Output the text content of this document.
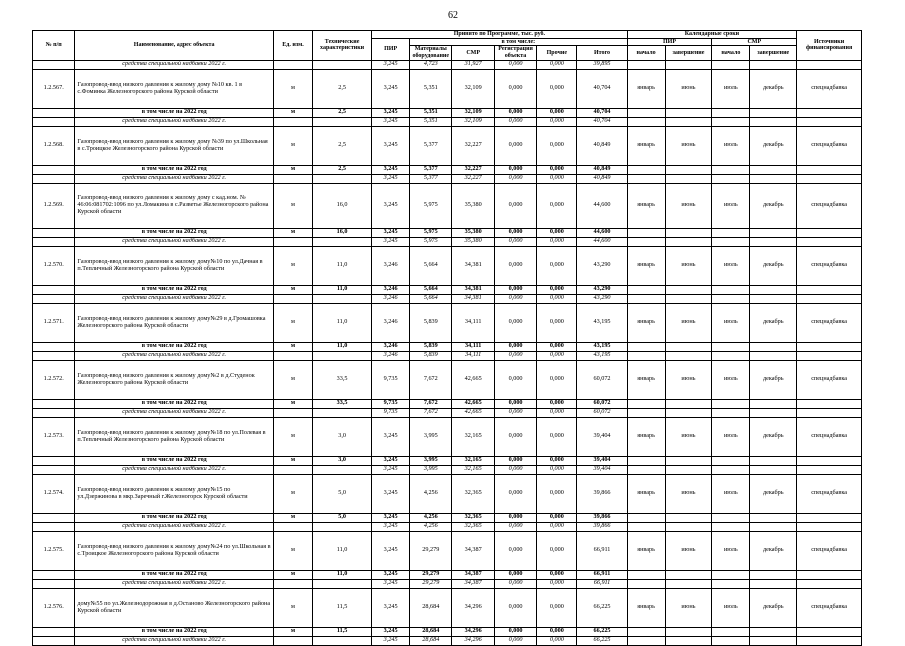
62
№ п/п	Наименование, адрес объекта	Ед. изм.	Технические характеристики	Принято по Программе, тыс. руб.						Календарные сроки				Источники финансирования
				ПИР	в том числе:					ПИР		СМР		
					Материалы оборудование	СМР	Регистрация объекта	Прочие	Итого	начало	завершение	начало	завершение	

	средства специальной надбавки 2022 г.			3,245	4,723	31,927	0,000	0,000	39,895					
1.2.567.	Газопровод-ввод низкого давления к жилому дому №10 кв. 1 в с.Фоминка Железногорского района Курской области	м	2,5	3,245	5,351	32,109	0,000	0,000	40,704	январь	июнь	июль	декабрь	спецнадбавка
	в том числе на 2022 год	м	2,5	3,245	5,351	32,109	0,000	0,000	40,704					
	средства специальной надбавки 2022 г.			3,245	5,351	32,109	0,000	0,000	40,704					
1.2.568.	Газопровод-ввод низкого давления к жилому дому №39 по ул.Школьная в с.Троицкое Железногорского района Курской области	м	2,5	3,245	5,377	32,227	0,000	0,000	40,849	январь	июнь	июль	декабрь	спецнадбавка
	в том числе на 2022 год	м	2,5	3,245	5,377	32,227	0,000	0,000	40,849					
	средства специальной надбавки 2022 г.			3,245	5,377	32,227	0,000	0,000	40,849					
1.2.569.	Газопровод-ввод низкого давления к жилому дому с кад.ном. № 46:06:081702:1096 по ул.Ломакина в с.Разветье Железногорского района Курской области	м	16,0	3,245	5,975	35,380	0,000	0,000	44,600	январь	июнь	июль	декабрь	спецнадбавка
	в том числе на 2022 год	м	16,0	3,245	5,975	35,380	0,000	0,000	44,600					
	средства специальной надбавки 2022 г.			3,245	5,975	35,380	0,000	0,000	44,600					
1.2.570.	Газопровод-ввод низкого давления к жилому дому№10 по ул.Дачная в п.Тепличный Железногорского района Курской области	м	11,0	3,246	5,664	34,381	0,000	0,000	43,290	январь	июнь	июль	декабрь	спецнадбавка
	в том числе на 2022 год	м	11,0	3,246	5,664	34,381	0,000	0,000	43,290					
	средства специальной надбавки 2022 г.			3,246	5,664	34,381	0,000	0,000	43,290					
1.2.571.	Газопровод-ввод низкого давления к жилому дому№29 в д.Громашовка Железногорского района Курской области	м	11,0	3,246	5,839	34,111	0,000	0,000	43,195	январь	июнь	июль	декабрь	спецнадбавка
	в том числе на 2022 год	м	11,0	3,246	5,839	34,111	0,000	0,000	43,195					
	средства специальной надбавки 2022 г.			3,246	5,839	34,111	0,000	0,000	43,195					
1.2.572.	Газопровод-ввод низкого давления к жилому дому№2 в д.Студенок Железногорского района Курской области	м	33,5	9,735	7,672	42,665	0,000	0,000	60,072	январь	июнь	июль	декабрь	спецнадбавка
	в том числе на 2022 год	м	33,5	9,735	7,672	42,665	0,000	0,000	60,072					
	средства специальной надбавки 2022 г.			9,735	7,672	42,665	0,000	0,000	60,072					
1.2.573.	Газопровод-ввод низкого давления к жилому дому№18 по ул.Полевая в п.Тепличный Железногорского района Курской области	м	3,0	3,245	3,995	32,165	0,000	0,000	39,404	январь	июнь	июль	декабрь	спецнадбавка
	в том числе на 2022 год	м	3,0	3,245	3,995	32,165	0,000	0,000	39,404					
	средства специальной надбавки 2022 г.			3,245	3,995	32,165	0,000	0,000	39,404					
1.2.574.	Газопровод-ввод низкого давления к жилому дому№15 по ул.Дзержинова в мкр.Заречный г.Железногорск Курской области	м	5,0	3,245	4,256	32,365	0,000	0,000	39,866	январь	июнь	июль	декабрь	спецнадбавка
	в том числе на 2022 год	м	5,0	3,245	4,256	32,365	0,000	0,000	39,866					
	средства специальной надбавки 2022 г.			3,245	4,256	32,365	0,000	0,000	39,866					
1.2.575.	Газопровод-ввод низкого давления к жилому дому№24 по ул.Школьная в с.Троицкое Железногорского района Курской области	м	11,0	3,245	29,279	34,387	0,000	0,000	66,911	январь	июнь	июль	декабрь	спецнадбавка
	в том числе на 2022 год	м	11,0	3,245	29,279	34,387	0,000	0,000	66,911					
	средства специальной надбавки 2022 г.			3,245	29,279	34,387	0,000	0,000	66,911					
1.2.576.	дому№55 по ул.Железнодорожная в д.Останово Железногорского района Курской области	м	11,5	3,245	28,684	34,296	0,000	0,000	66,225	январь	июнь	июль	декабрь	спецнадбавка
	в том числе на 2022 год	м	11,5	3,245	28,684	34,296	0,000	0,000	66,225					
	средства специальной надбавки 2022 г.			3,245	28,684	34,296	0,000	0,000	66,225					
